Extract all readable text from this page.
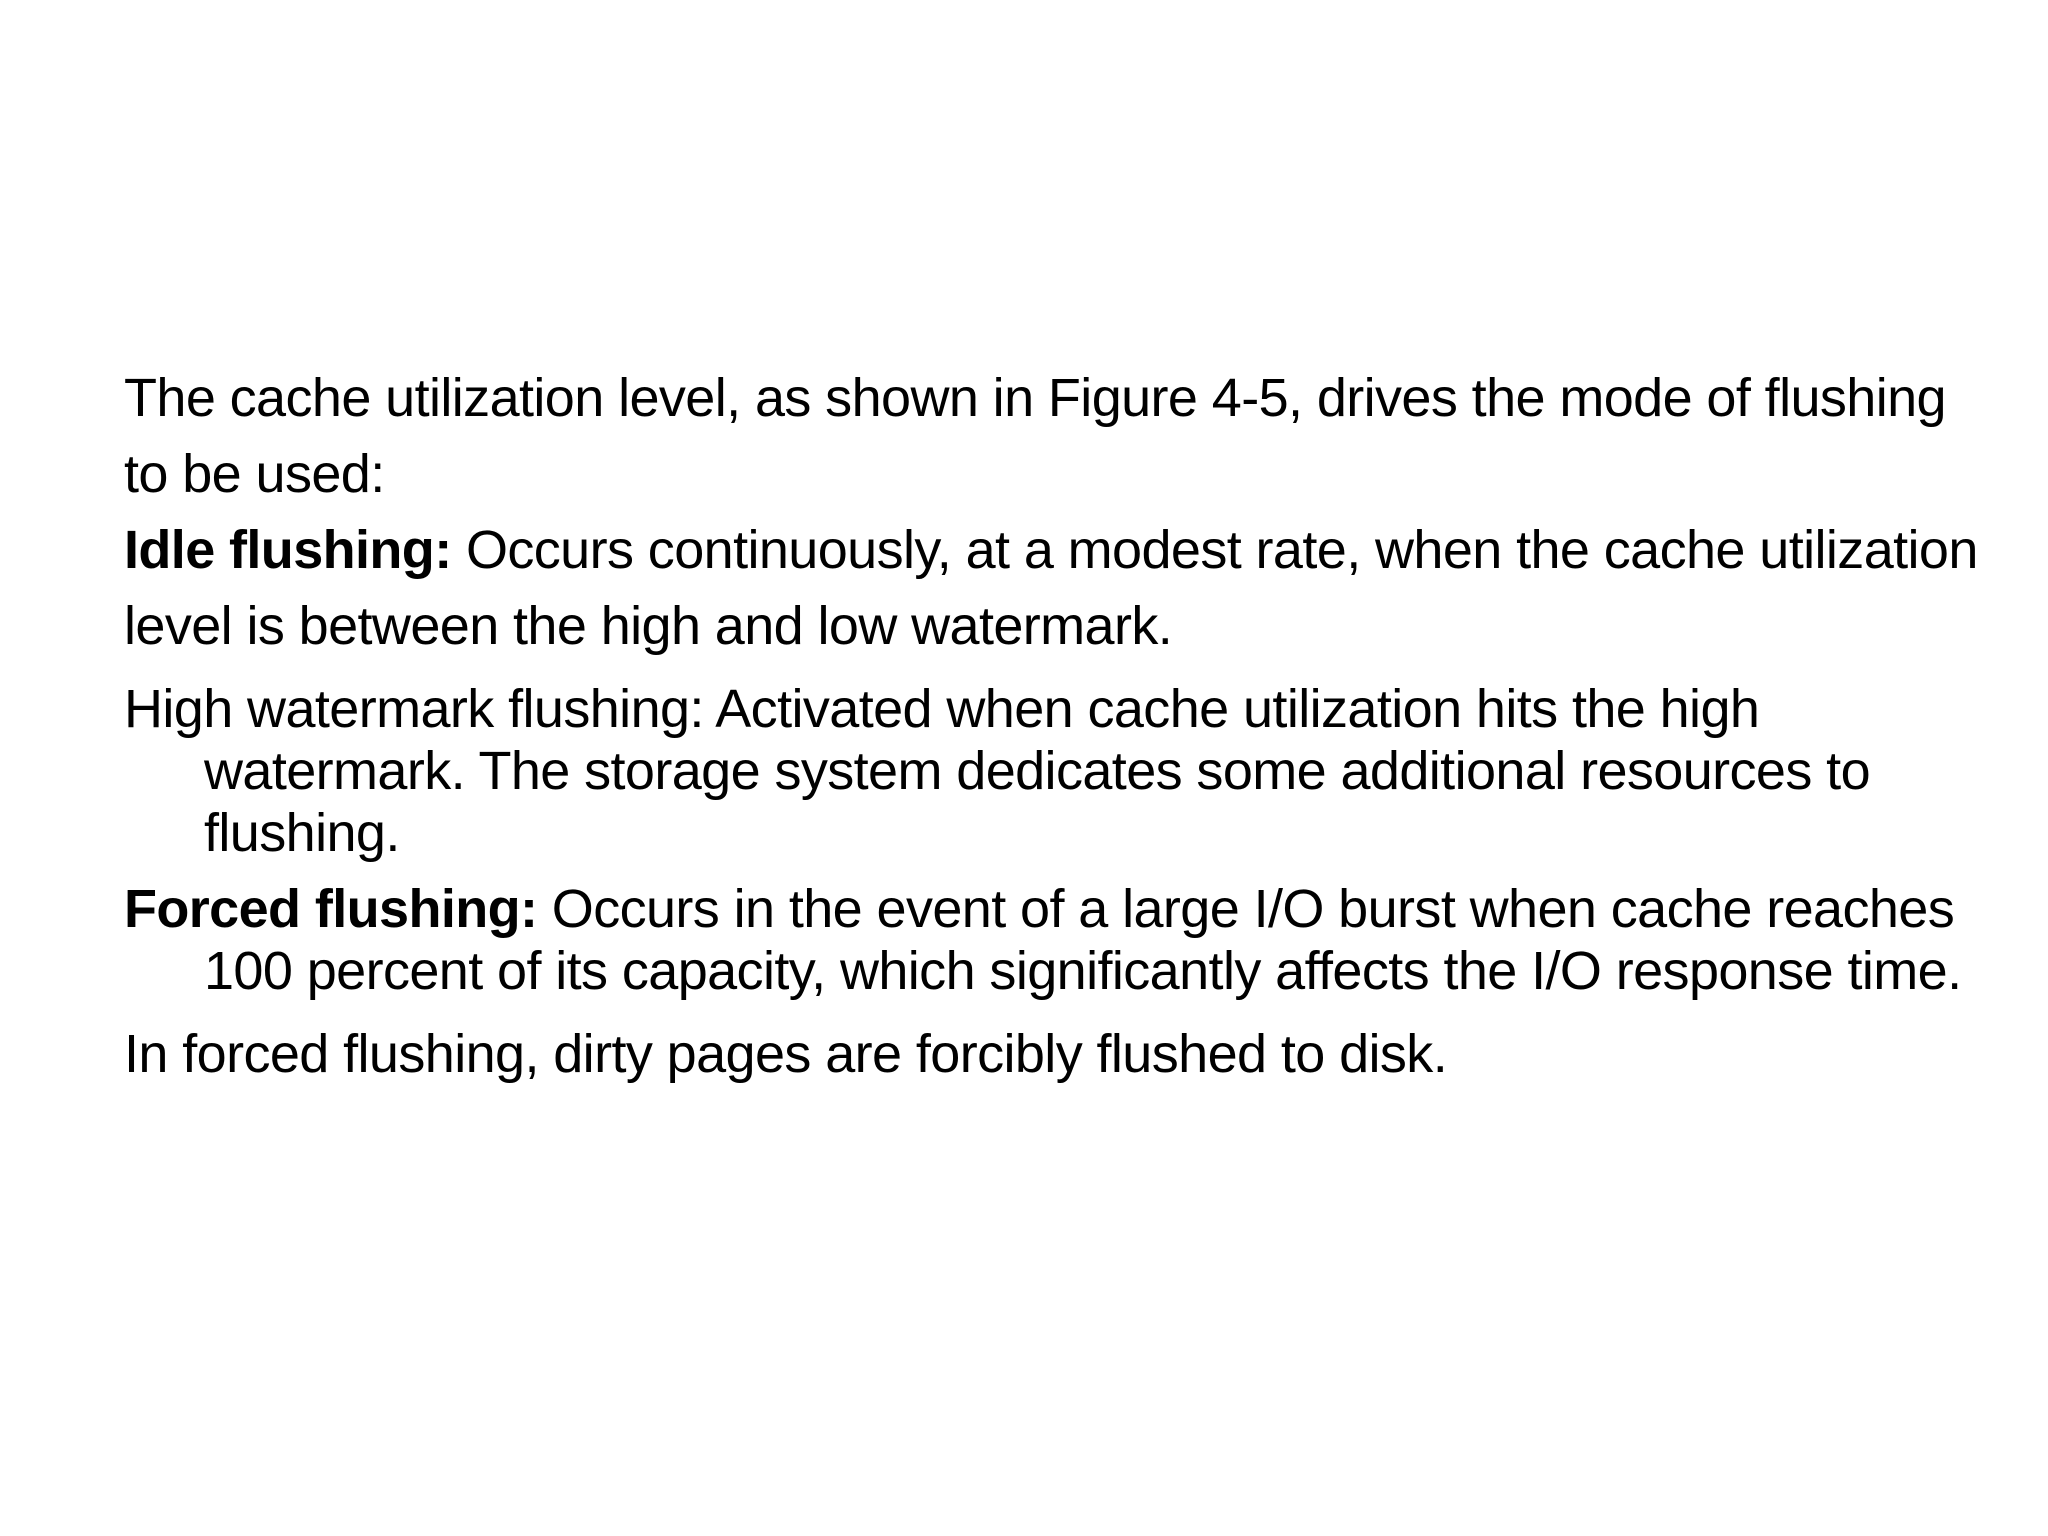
The cache utilization level, as shown in Figure 4-5, drives the mode of flushing to be used:

Idle flushing: Occurs continuously, at a modest rate, when the cache utilization level is between the high and low watermark.

High watermark flushing: Activated when cache utilization hits the high watermark. The storage system dedicates some additional resources to flushing.

Forced flushing: Occurs in the event of a large I/O burst when cache reaches 100 percent of its capacity, which significantly affects the I/O response time.

In forced flushing, dirty pages are forcibly flushed to disk.
